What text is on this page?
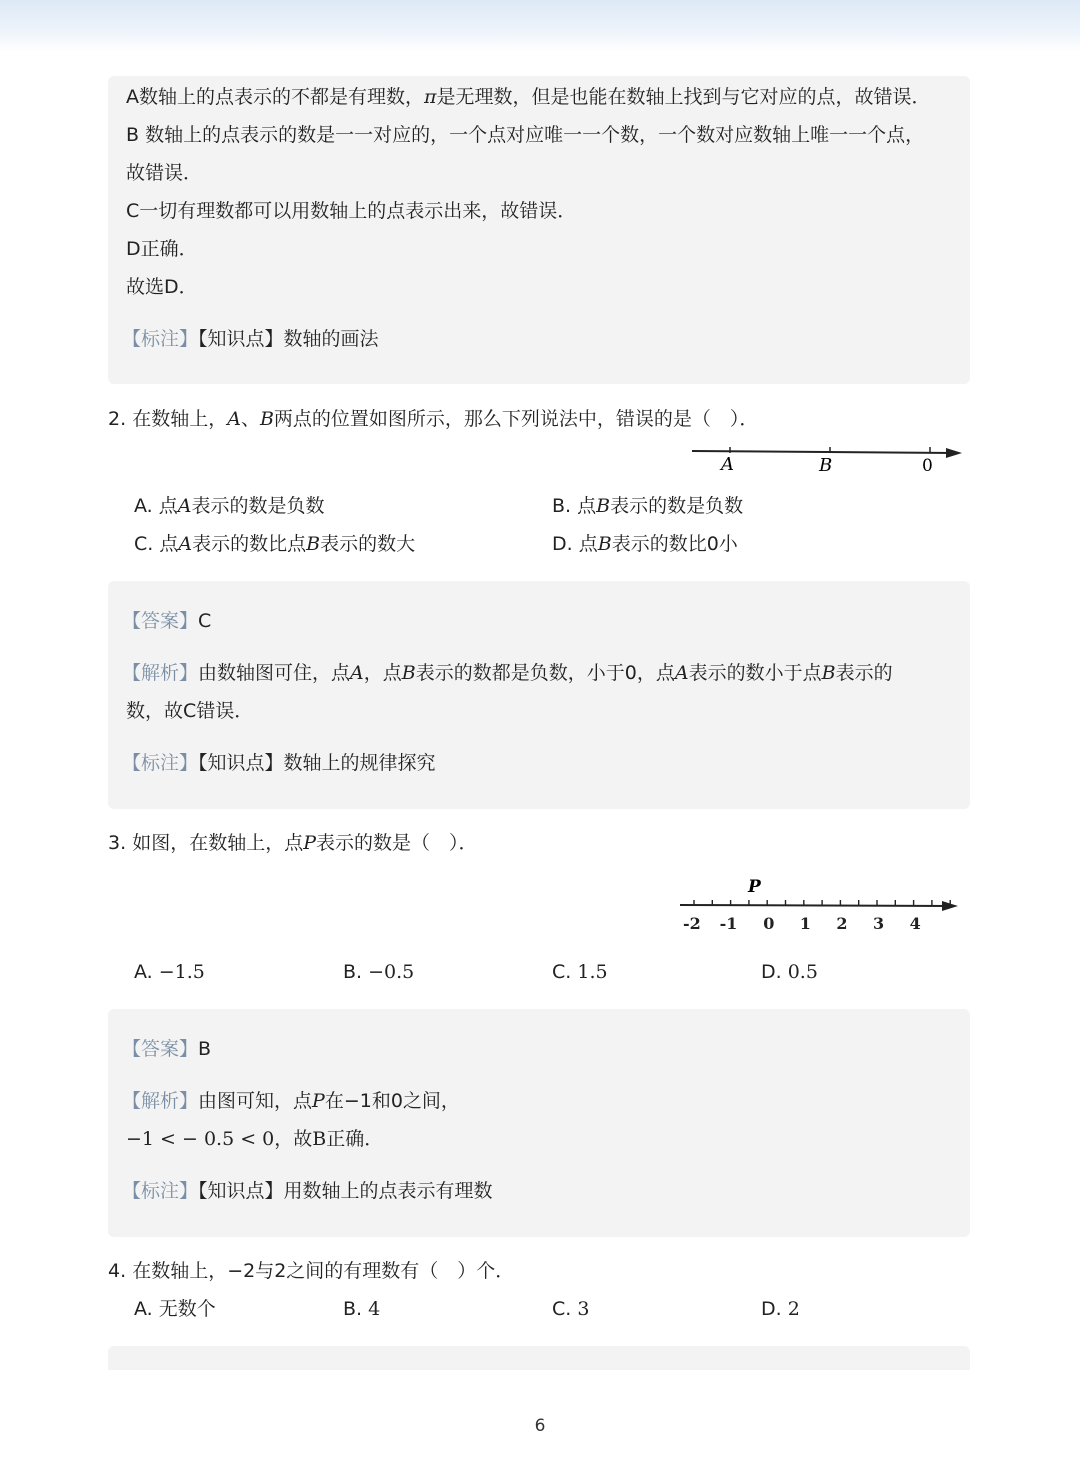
A数轴上的点表示的不都是有理数，π是无理数，但是也能在数轴上找到与它对应的点，故错误．
B 数轴上的点表示的数是一一对应的，一个点对应唯一一个数，一个数对应数轴上唯一一个点，
故错误．
C一切有理数都可以用数轴上的点表示出来，故错误．
D正确．
故选D．
【标注】【知识点】数轴的画法
2. 在数轴上，A、B两点的位置如图所示，那么下列说法中，错误的是（　）．
A	B	0
A. 点A表示的数是负数	B. 点B表示的数是负数
C. 点A表示的数比点B表示的数大	D. 点B表示的数比0小
【答案】C
【解析】由数轴图可住，点A，点B表示的数都是负数，小于0，点A表示的数小于点B表示的
数，故C错误．
【标注】【知识点】数轴上的规律探究
3. 如图，在数轴上，点P表示的数是（　）．
P
-2 -1 0 1 2 3 4
A. −1.5	B. −0.5	C. 1.5	D. 0.5
【答案】B
【解析】由图可知，点P在−1和0之间，
−1 < − 0.5 < 0，故B正确．
【标注】【知识点】用数轴上的点表示有理数
4. 在数轴上，−2与2之间的有理数有（　）个．
A. 无数个	B. 4	C. 3	D. 2
6
